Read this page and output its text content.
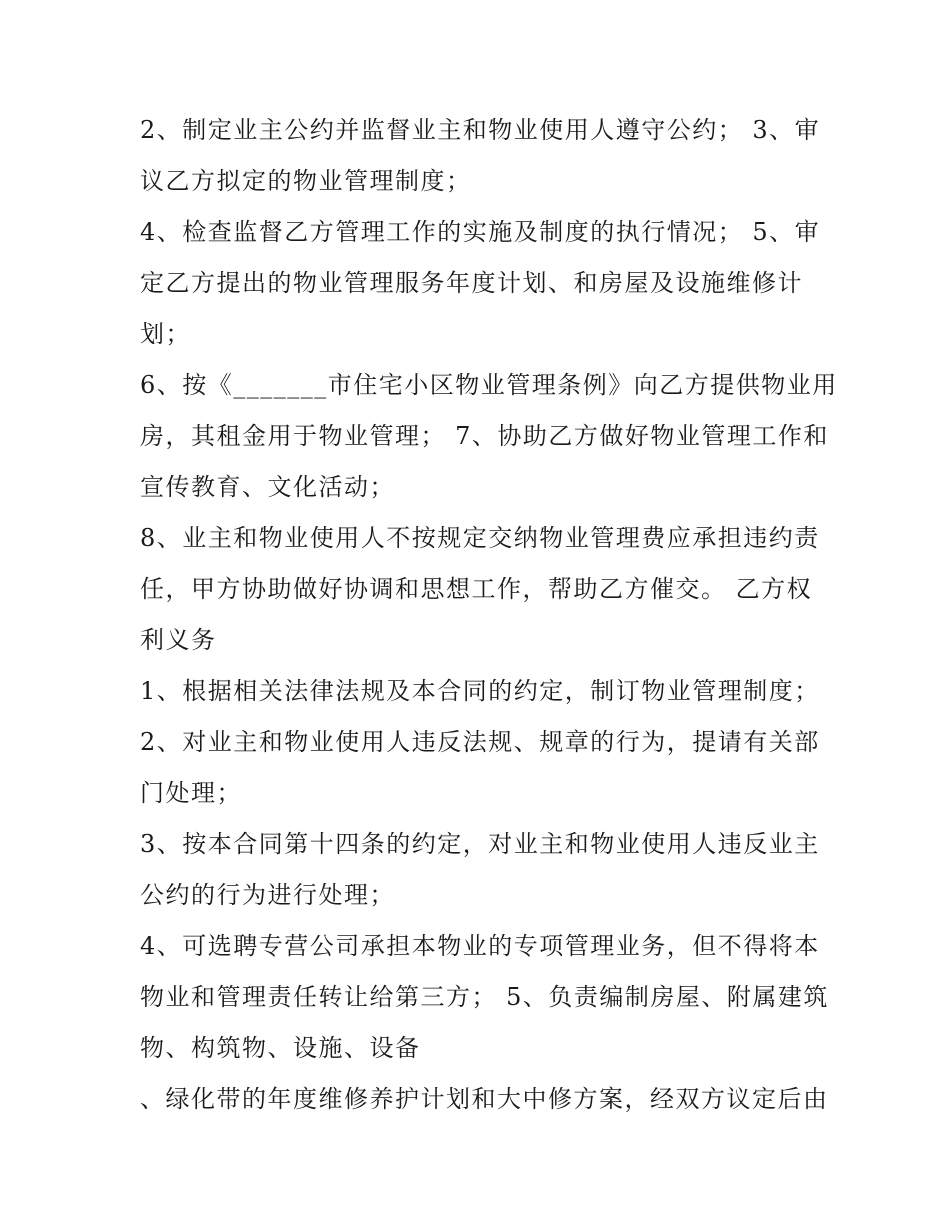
2、制定业主公约并监督业主和物业使用人遵守公约； 3、审
议乙方拟定的物业管理制度；
4、检查监督乙方管理工作的实施及制度的执行情况； 5、审
定乙方提出的物业管理服务年度计划、和房屋及设施维修计
划；
6、按《_______市住宅小区物业管理条例》向乙方提供物业用
房，其租金用于物业管理； 7、协助乙方做好物业管理工作和
宣传教育、文化活动；
8、业主和物业使用人不按规定交纳物业管理费应承担违约责
任，甲方协助做好协调和思想工作，帮助乙方催交。 乙方权
利义务
1、根据相关法律法规及本合同的约定，制订物业管理制度；
2、对业主和物业使用人违反法规、规章的行为，提请有关部
门处理；
3、按本合同第十四条的约定，对业主和物业使用人违反业主
公约的行为进行处理；
4、可选聘专营公司承担本物业的专项管理业务，但不得将本
物业和管理责任转让给第三方； 5、负责编制房屋、附属建筑
物、构筑物、设施、设备
、绿化带的年度维修养护计划和大中修方案，经双方议定后由
